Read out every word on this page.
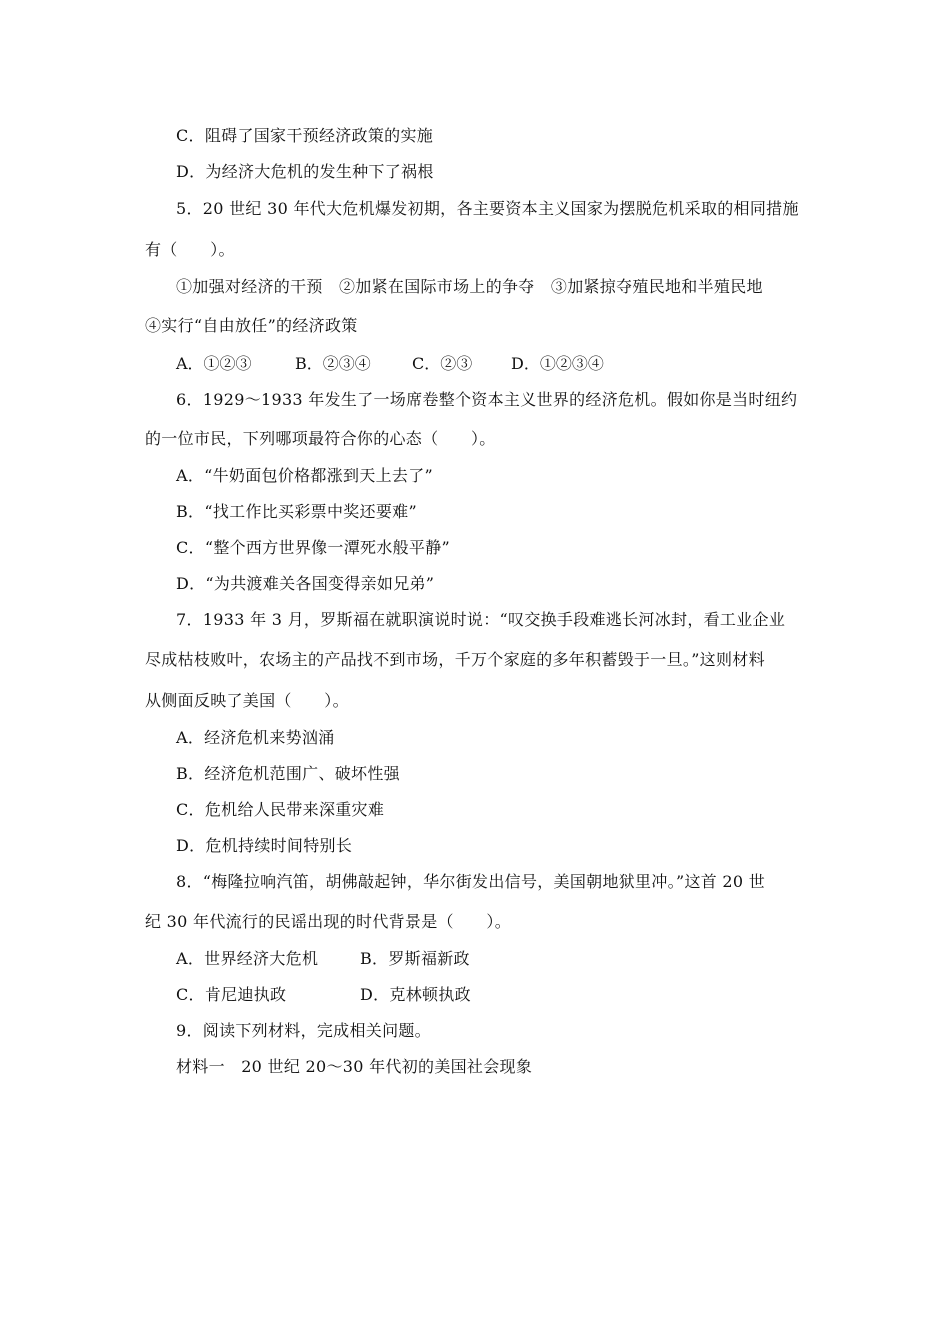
C．阻碍了国家干预经济政策的实施
D．为经济大危机的发生种下了祸根
5．20 世纪 30 年代大危机爆发初期，各主要资本主义国家为摆脱危机采取的相同措施
有（　　）。
①加强对经济的干预　②加紧在国际市场上的争夺　③加紧掠夺殖民地和半殖民地
④实行“自由放任”的经济政策
A．①②③	B．②③④	C．②③ D．①②③④
6．1929～1933 年发生了一场席卷整个资本主义世界的经济危机。假如你是当时纽约
的一位市民，下列哪项最符合你的心态（　　）。
A．“牛奶面包价格都涨到天上去了”
B．“找工作比买彩票中奖还要难”
C．“整个西方世界像一潭死水般平静”
D．“为共渡难关各国变得亲如兄弟”
7．1933 年 3 月，罗斯福在就职演说时说：“叹交换手段难逃长河冰封，看工业企业
尽成枯枝败叶，农场主的产品找不到市场，千万个家庭的多年积蓄毁于一旦。”这则材料
从侧面反映了美国（　　）。
A．经济危机来势汹涌
B．经济危机范围广、破坏性强
C．危机给人民带来深重灾难
D．危机持续时间特别长
8．“梅隆拉响汽笛，胡佛敲起钟，华尔街发出信号，美国朝地狱里冲。”这首 20 世
纪 30 年代流行的民谣出现的时代背景是（　　）。
A．世界经济大危机	B．罗斯福新政
C．肯尼迪执政	D．克林顿执政
9．阅读下列材料，完成相关问题。
材料一　20 世纪 20～30 年代初的美国社会现象
